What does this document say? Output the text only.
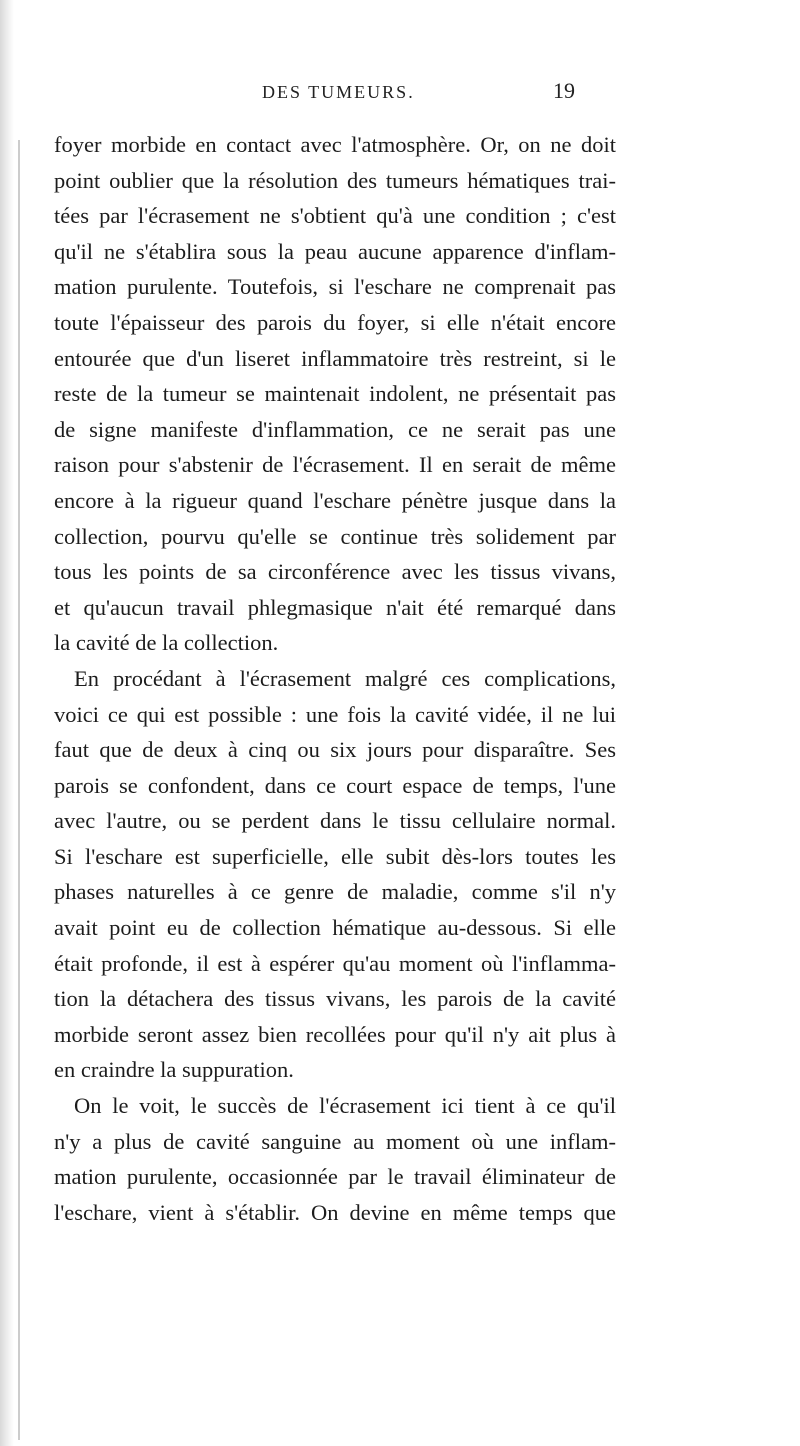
DES TUMEURS.	19
foyer morbide en contact avec l'atmosphère. Or, on ne doit
point oublier que la résolution des tumeurs hématiques trai-
tées par l'écrasement ne s'obtient qu'à une condition ; c'est
qu'il ne s'établira sous la peau aucune apparence d'inflam-
mation purulente. Toutefois, si l'eschare ne comprenait pas
toute l'épaisseur des parois du foyer, si elle n'était encore
entourée que d'un liseret inflammatoire très restreint, si le
reste de la tumeur se maintenait indolent, ne présentait pas
de signe manifeste d'inflammation, ce ne serait pas une
raison pour s'abstenir de l'écrasement. Il en serait de même
encore à la rigueur quand l'eschare pénètre jusque dans la
collection, pourvu qu'elle se continue très solidement par
tous les points de sa circonférence avec les tissus vivans,
et qu'aucun travail phlegmasique n'ait été remarqué dans
la cavité de la collection.
En procédant à l'écrasement malgré ces complications,
voici ce qui est possible : une fois la cavité vidée, il ne lui
faut que de deux à cinq ou six jours pour disparaître. Ses
parois se confondent, dans ce court espace de temps, l'une
avec l'autre, ou se perdent dans le tissu cellulaire normal.
Si l'eschare est superficielle, elle subit dès-lors toutes les
phases naturelles à ce genre de maladie, comme s'il n'y
avait point eu de collection hématique au-dessous. Si elle
était profonde, il est à espérer qu'au moment où l'inflamma-
tion la détachera des tissus vivans, les parois de la cavité
morbide seront assez bien recollées pour qu'il n'y ait plus à
en craindre la suppuration.
On le voit, le succès de l'écrasement ici tient à ce qu'il
n'y a plus de cavité sanguine au moment où une inflam-
mation purulente, occasionnée par le travail éliminateur de
l'eschare, vient à s'établir. On devine en même temps que
